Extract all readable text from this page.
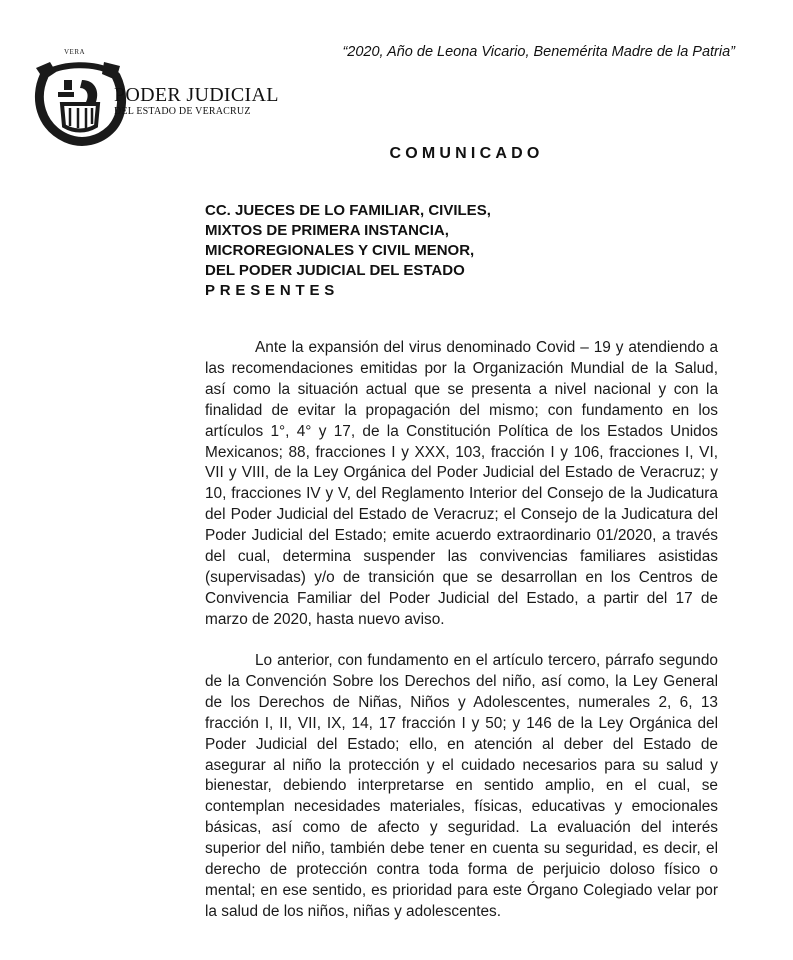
VERA
PODER JUDICIAL
DEL ESTADO DE VERACRUZ
“2020, Año de Leona Vicario, Benemérita Madre de la Patria”
COMUNICADO
CC. JUECES DE LO FAMILIAR, CIVILES,
MIXTOS DE PRIMERA INSTANCIA,
MICROREGIONALES Y CIVIL MENOR,
DEL PODER JUDICIAL DEL ESTADO
PRESENTES

Ante la expansión del virus denominado Covid – 19 y atendiendo a las recomendaciones emitidas por la Organización Mundial de la Salud, así como la situación actual que se presenta a nivel nacional y con la finalidad de evitar la propagación del mismo; con fundamento en los artículos 1°, 4° y 17, de la Constitución Política de los Estados Unidos Mexicanos; 88, fracciones I y XXX, 103, fracción I y 106, fracciones I, VI, VII y VIII, de la Ley Orgánica del Poder Judicial del Estado de Veracruz; y 10, fracciones IV y V, del Reglamento Interior del Consejo de la Judicatura del Poder Judicial del Estado de Veracruz; el Consejo de la Judicatura del Poder Judicial del Estado; emite acuerdo extraordinario 01/2020, a través del cual, determina suspender las convivencias familiares asistidas (supervisadas) y/o de transición que se desarrollan en los Centros de Convivencia Familiar del Poder Judicial del Estado, a partir del 17 de marzo de 2020, hasta nuevo aviso.

Lo anterior, con fundamento en el artículo tercero, párrafo segundo de la Convención Sobre los Derechos del niño, así como, la Ley General de los Derechos de Niñas, Niños y Adolescentes, numerales 2, 6, 13 fracción I, II, VII, IX, 14, 17 fracción I y 50; y 146 de la Ley Orgánica del Poder Judicial del Estado; ello, en atención al deber del Estado de asegurar al niño la protección y el cuidado necesarios para su salud y bienestar, debiendo interpretarse en sentido amplio, en el cual, se contemplan necesidades materiales, físicas, educativas y emocionales básicas, así como de afecto y seguridad. La evaluación del interés superior del niño, también debe tener en cuenta su seguridad, es decir, el derecho de protección contra toda forma de perjuicio doloso físico o mental; en ese sentido, es prioridad para este Órgano Colegiado velar por la salud de los niños, niñas y adolescentes.
